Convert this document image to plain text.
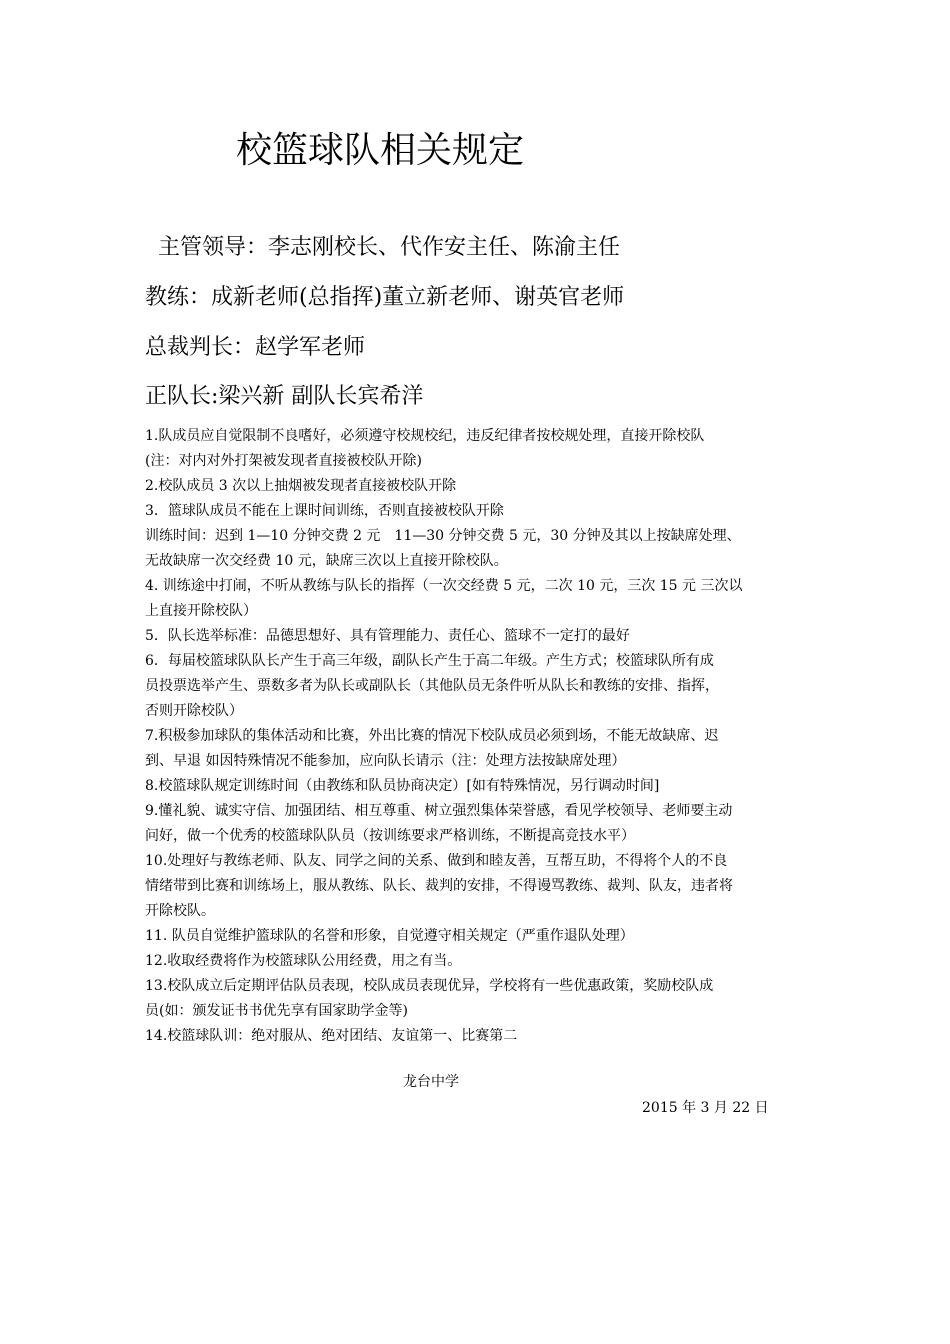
校篮球队相关规定
主管领导：李志刚校长、代作安主任、陈渝主任
教练：成新老师(总指挥)董立新老师、谢英官老师
总裁判长：赵学军老师
正队长:梁兴新 副队长宾希洋
1.队成员应自觉限制不良嗜好，必须遵守校规校纪，违反纪律者按校规处理，直接开除校队
(注：对内对外打架被发现者直接被校队开除)
2.校队成员 3 次以上抽烟被发现者直接被校队开除
3．篮球队成员不能在上课时间训练，否则直接被校队开除
训练时间：迟到 1—10 分钟交费 2 元　11—30 分钟交费 5 元，30 分钟及其以上按缺席处理、
无故缺席一次交经费 10 元，缺席三次以上直接开除校队。
4. 训练途中打闹，不听从教练与队长的指挥（一次交经费 5 元，二次 10 元，三次 15 元 三次以
上直接开除校队）
5．队长选举标准：品德思想好、具有管理能力、责任心、篮球不一定打的最好
6．每届校篮球队队长产生于高三年级，副队长产生于高二年级。产生方式；校篮球队所有成
员投票选举产生、票数多者为队长或副队长（其他队员无条件听从队长和教练的安排、指挥，
否则开除校队）
7.积极参加球队的集体活动和比赛，外出比赛的情况下校队成员必须到场，不能无故缺席、迟
到、早退 如因特殊情况不能参加，应向队长请示（注：处理方法按缺席处理）
8.校篮球队规定训练时间（由教练和队员协商决定）[如有特殊情况，另行调动时间]
9.懂礼貌、诚实守信、加强团结、相互尊重、树立强烈集体荣誉感，看见学校领导、老师要主动
问好，做一个优秀的校篮球队队员（按训练要求严格训练，不断提高竞技水平）
10.处理好与教练老师、队友、同学之间的关系、做到和睦友善，互帮互助，不得将个人的不良
情绪带到比赛和训练场上，服从教练、队长、裁判的安排，不得谩骂教练、裁判、队友，违者将
开除校队。
11. 队员自觉维护篮球队的名誉和形象，自觉遵守相关规定（严重作退队处理）
12.收取经费将作为校篮球队公用经费，用之有当。
13.校队成立后定期评估队员表现，校队成员表现优异，学校将有一些优惠政策，奖励校队成
员(如：颁发证书书优先享有国家助学金等)
14.校篮球队训：绝对服从、绝对团结、友谊第一、比赛第二
龙台中学
2015 年 3 月 22 日
